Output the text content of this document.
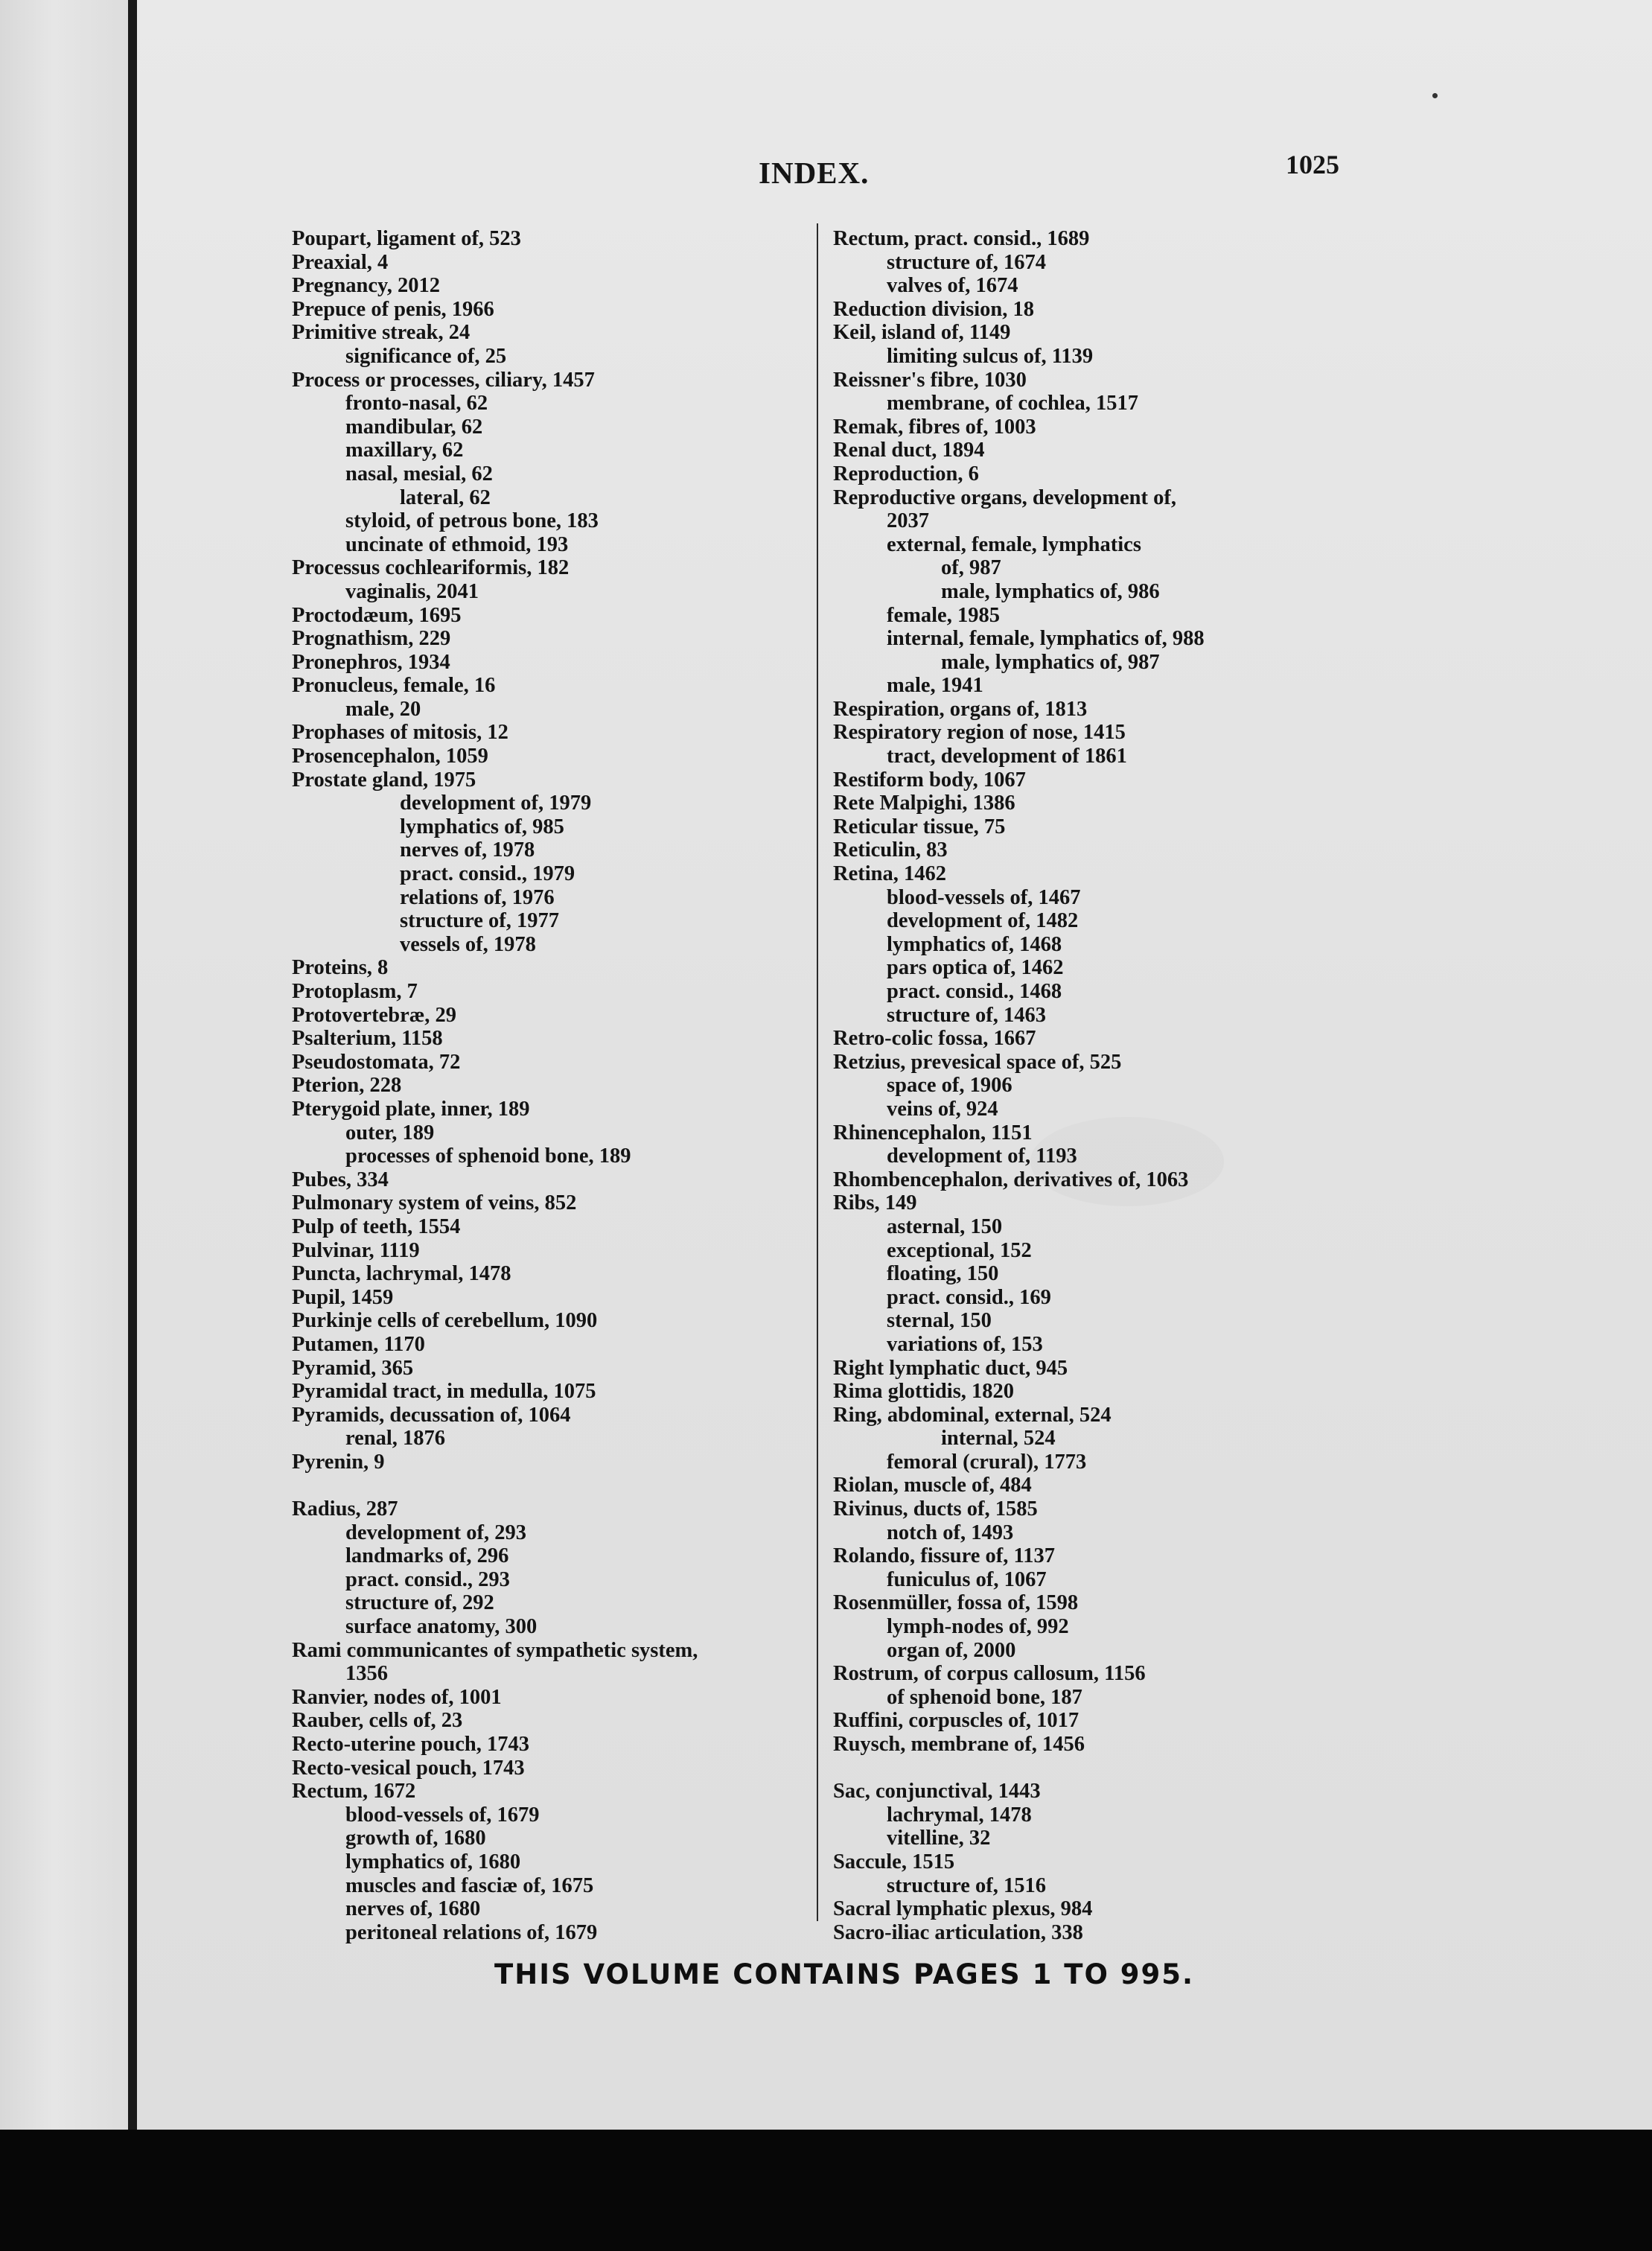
INDEX.	1025
Poupart, ligament of, 523
Preaxial, 4
Pregnancy, 2012
Prepuce of penis, 1966
Primitive streak, 24
significance of, 25
Process or processes, ciliary, 1457
fronto-nasal, 62
mandibular, 62
maxillary, 62
nasal, mesial, 62
lateral, 62
styloid, of petrous bone, 183
uncinate of ethmoid, 193
Processus cochleariformis, 182
vaginalis, 2041
Proctodæum, 1695
Prognathism, 229
Pronephros, 1934
Pronucleus, female, 16
male, 20
Prophases of mitosis, 12
Prosencephalon, 1059
Prostate gland, 1975
development of, 1979
lymphatics of, 985
nerves of, 1978
pract. consid., 1979
relations of, 1976
structure of, 1977
vessels of, 1978
Proteins, 8
Protoplasm, 7
Protovertebræ, 29
Psalterium, 1158
Pseudostomata, 72
Pterion, 228
Pterygoid plate, inner, 189
outer, 189
processes of sphenoid bone, 189
Pubes, 334
Pulmonary system of veins, 852
Pulp of teeth, 1554
Pulvinar, 1119
Puncta, lachrymal, 1478
Pupil, 1459
Purkinje cells of cerebellum, 1090
Putamen, 1170
Pyramid, 365
Pyramidal tract, in medulla, 1075
Pyramids, decussation of, 1064
renal, 1876
Pyrenin, 9
Radius, 287
development of, 293
landmarks of, 296
pract. consid., 293
structure of, 292
surface anatomy, 300
Rami communicantes of sympathetic system,
1356
Ranvier, nodes of, 1001
Rauber, cells of, 23
Recto-uterine pouch, 1743
Recto-vesical pouch, 1743
Rectum, 1672
blood-vessels of, 1679
growth of, 1680
lymphatics of, 1680
muscles and fasciæ of, 1675
nerves of, 1680
peritoneal relations of, 1679
Rectum, pract. consid., 1689
structure of, 1674
valves of, 1674
Reduction division, 18
Keil, island of, 1149
limiting sulcus of, 1139
Reissner's fibre, 1030
membrane, of cochlea, 1517
Remak, fibres of, 1003
Renal duct, 1894
Reproduction, 6
Reproductive organs, development of,
2037
external, female, lymphatics
of, 987
male, lymphatics of, 986
female, 1985
internal, female, lymphatics of, 988
male, lymphatics of, 987
male, 1941
Respiration, organs of, 1813
Respiratory region of nose, 1415
tract, development of 1861
Restiform body, 1067
Rete Malpighi, 1386
Reticular tissue, 75
Reticulin, 83
Retina, 1462
blood-vessels of, 1467
development of, 1482
lymphatics of, 1468
pars optica of, 1462
pract. consid., 1468
structure of, 1463
Retro-colic fossa, 1667
Retzius, prevesical space of, 525
space of, 1906
veins of, 924
Rhinencephalon, 1151
development of, 1193
Rhombencephalon, derivatives of, 1063
Ribs, 149
asternal, 150
exceptional, 152
floating, 150
pract. consid., 169
sternal, 150
variations of, 153
Right lymphatic duct, 945
Rima glottidis, 1820
Ring, abdominal, external, 524
internal, 524
femoral (crural), 1773
Riolan, muscle of, 484
Rivinus, ducts of, 1585
notch of, 1493
Rolando, fissure of, 1137
funiculus of, 1067
Rosenmüller, fossa of, 1598
lymph-nodes of, 992
organ of, 2000
Rostrum, of corpus callosum, 1156
of sphenoid bone, 187
Ruffini, corpuscles of, 1017
Ruysch, membrane of, 1456
Sac, conjunctival, 1443
lachrymal, 1478
vitelline, 32
Saccule, 1515
structure of, 1516
Sacral lymphatic plexus, 984
Sacro-iliac articulation, 338
THIS VOLUME CONTAINS PAGES 1 TO 995.
